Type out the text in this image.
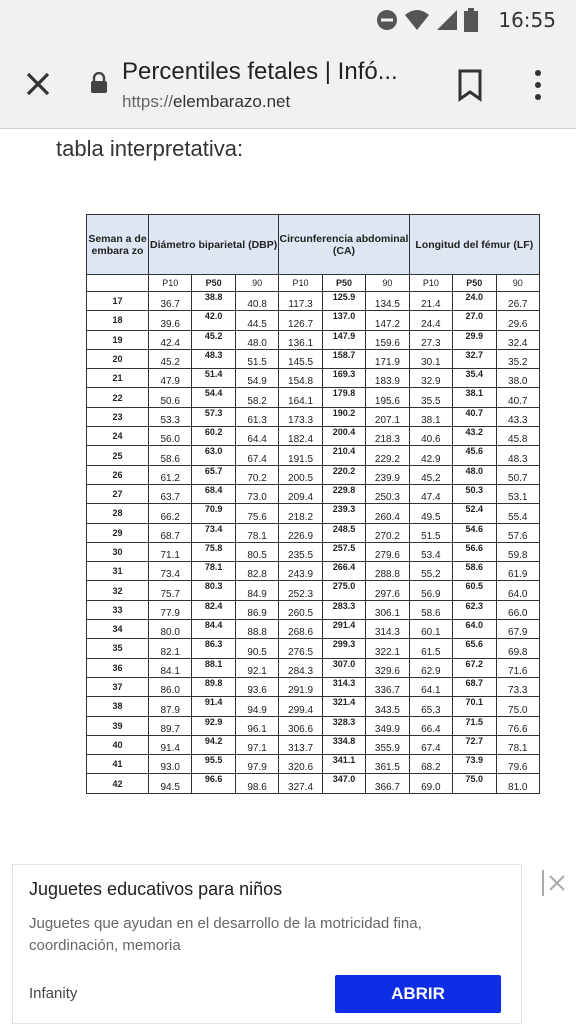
16:55
Percentiles fetales | Infó...
https://elembarazo.net
tabla interpretativa:
Seman a de embara zo	Diámetro biparietal (DBP)			Circunferencia abdominal (CA)			Longitud del fémur (LF)		
	P10	P50	90	P10	P50	90	P10	P50	90
17	36.7	38.8	40.8	117.3	125.9	134.5	21.4	24.0	26.7
18	39.6	42.0	44.5	126.7	137.0	147.2	24.4	27.0	29.6
19	42.4	45.2	48.0	136.1	147.9	159.6	27.3	29.9	32.4
20	45.2	48.3	51.5	145.5	158.7	171.9	30.1	32.7	35.2
21	47.9	51.4	54.9	154.8	169.3	183.9	32.9	35.4	38.0
22	50.6	54.4	58.2	164.1	179.8	195.6	35.5	38.1	40.7
23	53.3	57.3	61.3	173.3	190.2	207.1	38.1	40.7	43.3
24	56.0	60.2	64.4	182.4	200.4	218.3	40.6	43.2	45.8
25	58.6	63.0	67.4	191.5	210.4	229.2	42.9	45.6	48.3
26	61.2	65.7	70.2	200.5	220.2	239.9	45.2	48.0	50.7
27	63.7	68.4	73.0	209.4	229.8	250.3	47.4	50.3	53.1
28	66.2	70.9	75.6	218.2	239.3	260.4	49.5	52.4	55.4
29	68.7	73.4	78.1	226.9	248.5	270.2	51.5	54.6	57.6
30	71.1	75.8	80.5	235.5	257.5	279.6	53.4	56.6	59.8
31	73.4	78.1	82.8	243.9	266.4	288.8	55.2	58.6	61.9
32	75.7	80.3	84.9	252.3	275.0	297.6	56.9	60.5	64.0
33	77.9	82.4	86.9	260.5	283.3	306.1	58.6	62.3	66.0
34	80.0	84.4	88.8	268.6	291.4	314.3	60.1	64.0	67.9
35	82.1	86.3	90.5	276.5	299.3	322.1	61.5	65.6	69.8
36	84.1	88.1	92.1	284.3	307.0	329.6	62.9	67.2	71.6
37	86.0	89.8	93.6	291.9	314.3	336.7	64.1	68.7	73.3
38	87.9	91.4	94.9	299.4	321.4	343.5	65.3	70.1	75.0
39	89.7	92.9	96.1	306.6	328.3	349.9	66.4	71.5	76.6
40	91.4	94.2	97.1	313.7	334.8	355.9	67.4	72.7	78.1
41	93.0	95.5	97.9	320.6	341.1	361.5	68.2	73.9	79.6
42	94.5	96.6	98.6	327.4	347.0	366.7	69.0	75.0	81.0
Juguetes educativos para niños
Juguetes que ayudan en el desarrollo de la motricidad fina, coordinación, memoria
Infanity	ABRIR
